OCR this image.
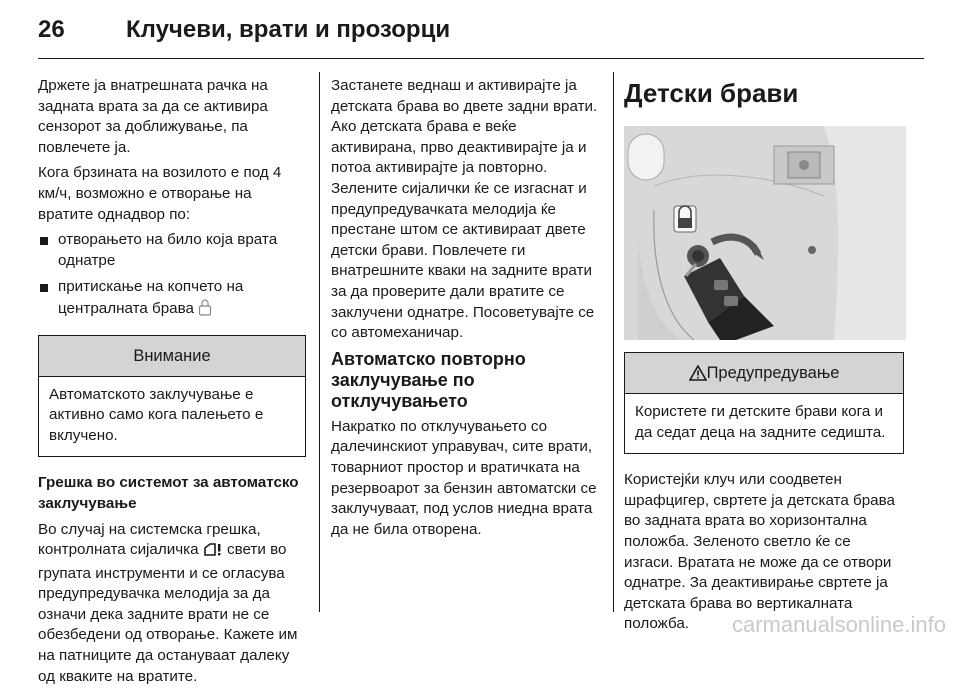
26	Клучеви, врати и прозорци

Држете ја внатрешната рачка на задната врата за да се активира сензорот за доближување, па повлечете ја.

Кога брзината на возилото е под 4 км/ч, возможно е отворање на вратите однадвор по:

отворањето на било која врата однатре
притискање на копчето на централната брава
Внимание
Автоматското заклучување е активно само кога палењето е вклучено.

Грешка во системот за автоматско заклучување

Во случај на системска грешка, контролната сијаличка  свети во групата инструменти и се огласува предупредувачка мелодија за да означи дека задните врати не се обезбедени од отворање. Кажете им на патниците да остануваат далеку од кваките на вратите.

Застанете веднаш и активирајте ја детската брава во двете задни врати. Ако детската брава е веќе активирана, прво деактивирајте ја и потоа активирајте ја повторно. Зелените сијалички ќе се изгаснат и предупредувачката мелодија ќе престане штом се активираат двете детски брави. Повлечете ги внатрешните кваки на задните врати за да проверите дали вратите се заклучени однатре. Посоветувајте се со автомеханичар.

Автоматско повторно заклучување по отклучувањето

Накратко по отклучувањето со далечинскиот управувач, сите врати, товарниот простор и вратичката на резервоарот за бензин автоматски се заклучуваат, под услов ниедна врата да не била отворена.

Детски брави
Предупредување
Користете ги детските брави кога и да седат деца на задните седишта.

Користејќи клуч или соодветен шрафцигер, свртете ја детската брава во задната врата во хоризонтална положба. Зеленото светло ќе се изгаси. Вратата не може да се отвори однатре. За деактивирање свртете ја детската брава во вертикалната положба.	carmanualsonline.info
